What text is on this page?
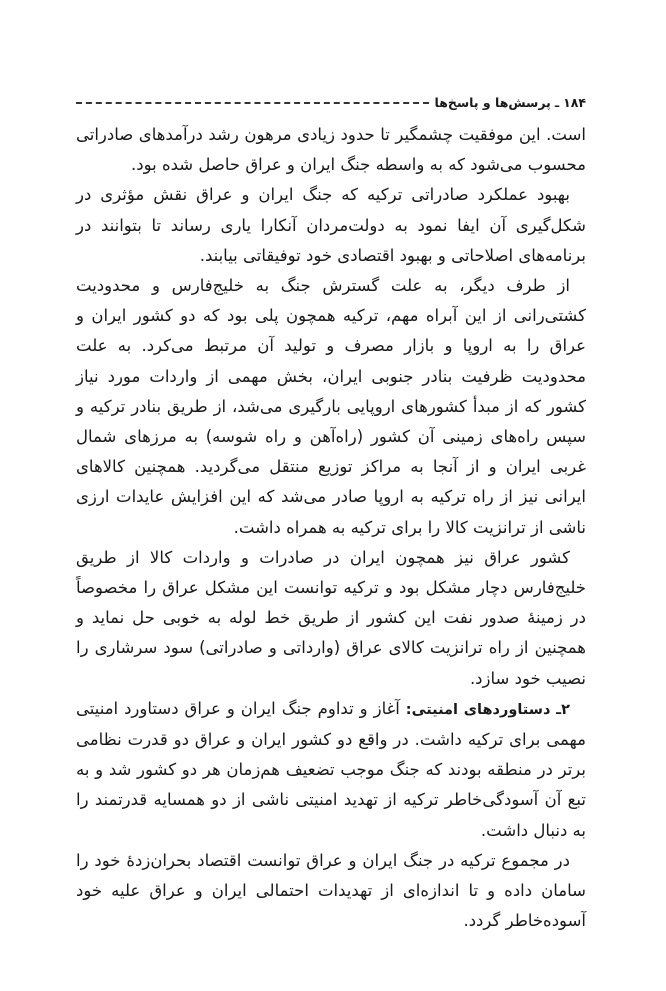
۱۸۴
ـ
پرسش‌ها و پاسخ‌ها

است. این موفقیت چشمگیر تا حدود زیادی مرهون رشد درآمدهای صادراتی محسوب می‌شود که به واسطه جنگ ایران و عراق حاصل شده بود.

بهبود عملکرد صادراتی ترکیه که جنگ ایران و عراق نقش مؤثری در شکل‌گیری آن ایفا نمود به دولت‌مردان آنکارا یاری رساند تا بتوانند در برنامه‌های اصلاحاتی و بهبود اقتصادی خود توفیقاتی بیابند.

از طرف دیگر، به علت گسترش جنگ به خلیج‌فارس و محدودیت کشتی‌رانی از این آبراه مهم، ترکیه همچون پلی بود که دو کشور ایران و عراق را به اروپا و بازار مصرف و تولید آن مرتبط می‌کرد. به علت محدودیت ظرفیت بنادر جنوبی ایران، بخش مهمی از واردات مورد نیاز کشور که از مبدأ کشورهای اروپایی بارگیری می‌شد، از طریق بنادر ترکیه و سپس راه‌های زمینی آن کشور (راه‌آهن و راه شوسه) به مرزهای شمال غربی ایران و از آنجا به مراکز توزیع منتقل می‌گردید. همچنین کالاهای ایرانی نیز از راه ترکیه به اروپا صادر می‌شد که این افزایش عایدات ارزی ناشی از ترانزیت کالا را برای ترکیه به همراه داشت.

کشور عراق نیز همچون ایران در صادرات و واردات کالا از طریق خلیج‌فارس دچار مشکل بود و ترکیه توانست این مشکل عراق را مخصوصاً در زمینهٔ صدور نفت این کشور از طریق خط لوله به خوبی حل نماید و همچنین از راه ترانزیت کالای عراق (وارداتی و صادراتی) سود سرشاری را نصیب خود سازد.

۲ـ دستاوردهای امنیتی: آغاز و تداوم جنگ ایران و عراق دستاورد امنیتی مهمی برای ترکیه داشت. در واقع دو کشور ایران و عراق دو قدرت نظامی برتر در منطقه بودند که جنگ موجب تضعیف هم‌زمان هر دو کشور شد و به تبع آن آسودگی‌خاطر ترکیه از تهدید امنیتی ناشی از دو همسایه قدرتمند را به دنبال داشت.

در مجموع ترکیه در جنگ ایران و عراق توانست اقتصاد بحران‌زدهٔ خود را سامان داده و تا اندازه‌ای از تهدیدات احتمالی ایران و عراق علیه خود آسوده‌خاطر گردد.
